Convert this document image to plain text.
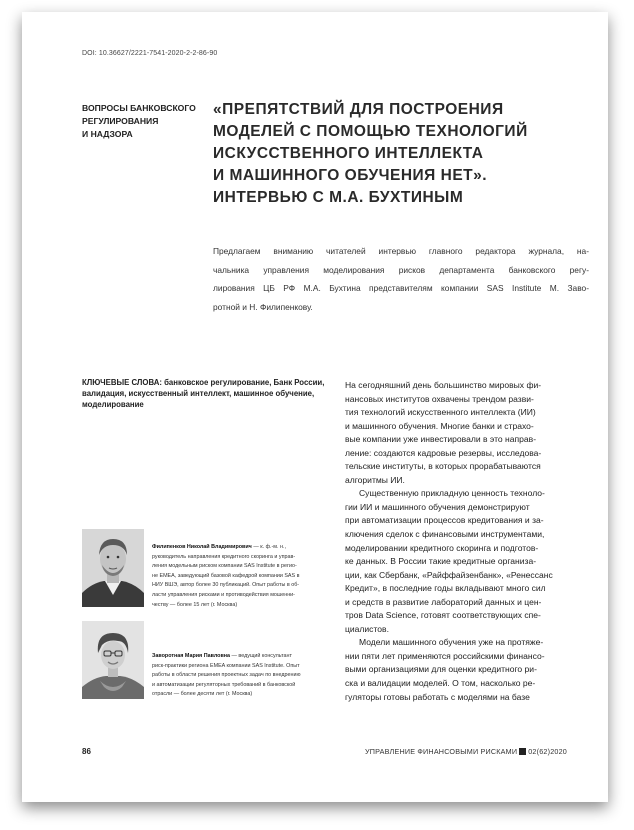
DOI: 10.36627/2221-7541-2020-2-2-86-90
ВОПРОСЫ БАНКОВСКОГО
РЕГУЛИРОВАНИЯ
И НАДЗОРА
«ПРЕПЯТСТВИЙ ДЛЯ ПОСТРОЕНИЯ
МОДЕЛЕЙ С ПОМОЩЬЮ ТЕХНОЛОГИЙ
ИСКУССТВЕННОГО ИНТЕЛЛЕКТА
И МАШИННОГО ОБУЧЕНИЯ НЕТ».
ИНТЕРВЬЮ С М.А. БУХТИНЫМ
Предлагаем вниманию читателей интервью главного редактора журнала, на-
чальника управления моделирования рисков департамента банковского регу-
лирования ЦБ РФ М.А. Бухтина представителям компании SAS Institute М. Заво-
ротной и Н. Филипенкову.
КЛЮЧЕВЫЕ СЛОВА: банковское регулирование, Банк России,
валидация, искусственный интеллект, машинное обучение,
моделирование
На сегодняшний день большинство мировых фи-
нансовых институтов охвачены трендом разви-
тия технологий искусственного интеллекта (ИИ)
и машинного обучения. Многие банки и страхо-
вые компании уже инвестировали в это направ-
ление: создаются кадровые резервы, исследова-
тельские институты, в которых прорабатываются
алгоритмы ИИ.
Существенную прикладную ценность техноло-
гии ИИ и машинного обучения демонстрируют
при автоматизации процессов кредитования и за-
ключения сделок с финансовыми инструментами,
моделировании кредитного скоринга и подготов-
ке данных. В России такие кредитные организа-
ции, как Сбербанк, «Райффайзенбанк», «Ренессанс
Кредит», в последние годы вкладывают много сил
и средств в развитие лабораторий данных и цен-
тров Data Science, готовят соответствующих спе-
циалистов.
Модели машинного обучения уже на протяже-
нии пяти лет применяются российскими финансо-
выми организациями для оценки кредитного ри-
ска и валидации моделей. О том, насколько ре-
гуляторы готовы работать с моделями на базе
Филипенков Николай Владимирович — к. ф.-м. н.,
руководитель направления кредитного скоринга и управ-
ления модельным риском компании SAS Institute в регио-
не EMEA, заведующий базовой кафедрой компании SAS в
НИУ ВШЭ, автор более 30 публикаций. Опыт работы в об-
ласти управления рисками и противодействия мошенни-
честву — более 15 лет (г. Москва)
Заворотная Мария Павловна — ведущий консультант
риск-практики региона EMEA компании SAS Institute. Опыт
работы в области решения проектных задач по внедрению
и автоматизации регуляторных требований в банковской
отрасли — более десяти лет (г. Москва)
86	УПРАВЛЕНИЕ ФИНАНСОВЫМИ РИСКАМИ 02(62)2020
